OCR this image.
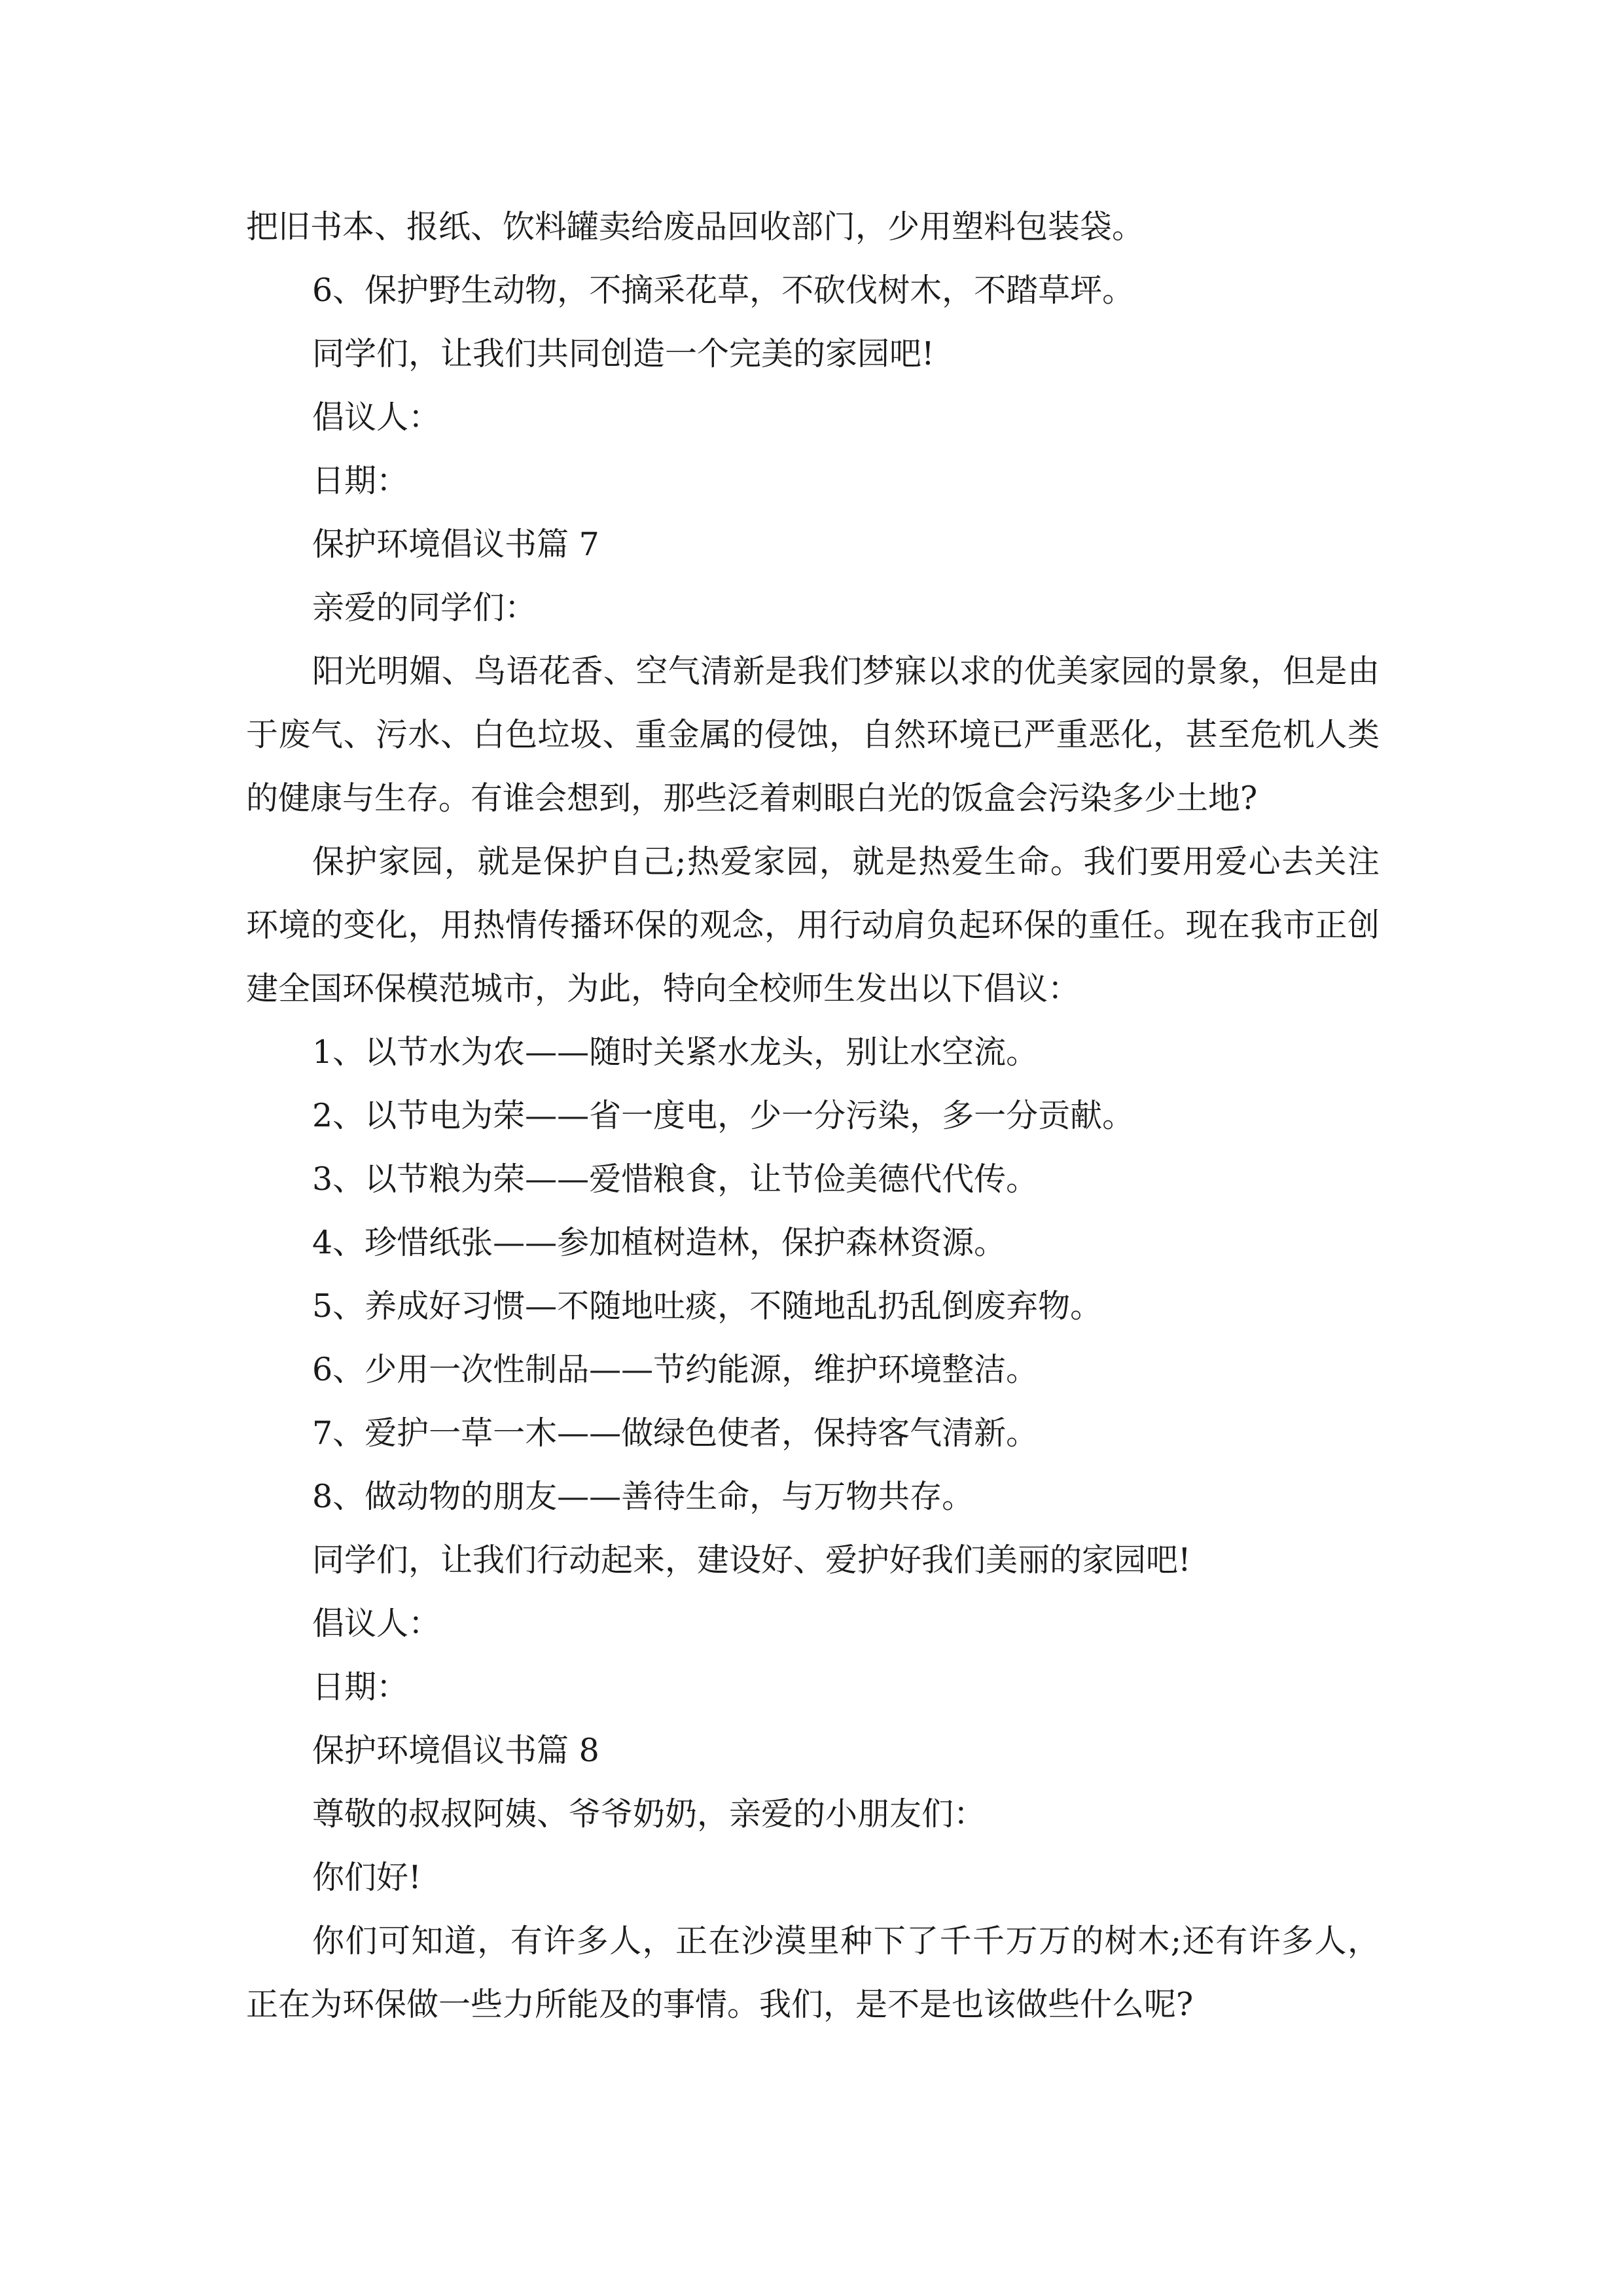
把旧书本、报纸、饮料罐卖给废品回收部门，少用塑料包装袋。

6、保护野生动物，不摘采花草，不砍伐树木，不踏草坪。

同学们，让我们共同创造一个完美的家园吧!

倡议人：

日期：

保护环境倡议书篇 7

亲爱的同学们：

阳光明媚、鸟语花香、空气清新是我们梦寐以求的优美家园的景象，但是由于废气、污水、白色垃圾、重金属的侵蚀，自然环境已严重恶化，甚至危机人类的健康与生存。有谁会想到，那些泛着刺眼白光的饭盒会污染多少土地?

保护家园，就是保护自己;热爱家园，就是热爱生命。我们要用爱心去关注环境的变化，用热情传播环保的观念，用行动肩负起环保的重任。现在我市正创建全国环保模范城市，为此，特向全校师生发出以下倡议：

1、以节水为农——随时关紧水龙头，别让水空流。

2、以节电为荣——省一度电，少一分污染，多一分贡献。

3、以节粮为荣——爱惜粮食，让节俭美德代代传。

4、珍惜纸张——参加植树造林，保护森林资源。

5、养成好习惯—不随地吐痰，不随地乱扔乱倒废弃物。

6、少用一次性制品——节约能源，维护环境整洁。

7、爱护一草一木——做绿色使者，保持客气清新。

8、做动物的朋友——善待生命，与万物共存。

同学们，让我们行动起来，建设好、爱护好我们美丽的家园吧!

倡议人：

日期：

保护环境倡议书篇 8

尊敬的叔叔阿姨、爷爷奶奶，亲爱的小朋友们：

你们好!

你们可知道，有许多人，正在沙漠里种下了千千万万的树木;还有许多人，正在为环保做一些力所能及的事情。我们，是不是也该做些什么呢?
